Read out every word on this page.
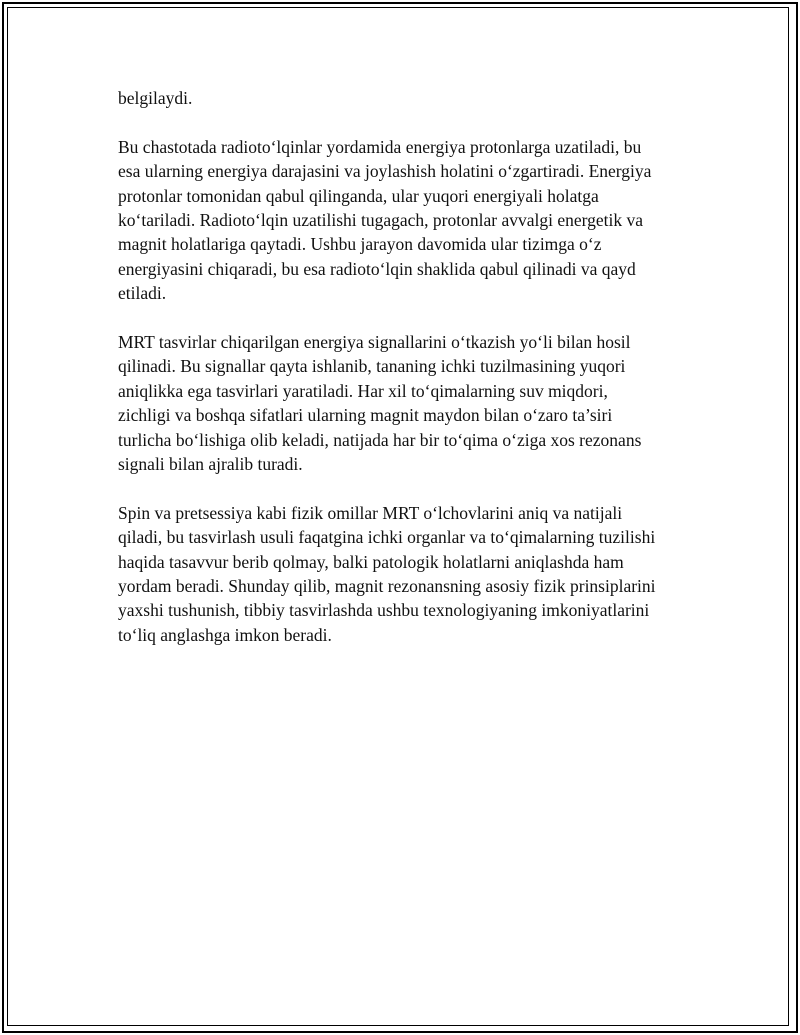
belgilaydi.

Bu chastotada radioto‘lqinlar yordamida energiya protonlarga uzatiladi, bu
esa ularning energiya darajasini va joylashish holatini o‘zgartiradi. Energiya
protonlar tomonidan qabul qilinganda, ular yuqori energiyali holatga
ko‘tariladi. Radioto‘lqin uzatilishi tugagach, protonlar avvalgi energetik va
magnit holatlariga qaytadi. Ushbu jarayon davomida ular tizimga o‘z
energiyasini chiqaradi, bu esa radioto‘lqin shaklida qabul qilinadi va qayd
etiladi.

MRT tasvirlar chiqarilgan energiya signallarini o‘tkazish yo‘li bilan hosil
qilinadi. Bu signallar qayta ishlanib, tananing ichki tuzilmasining yuqori
aniqlikka ega tasvirlari yaratiladi. Har xil to‘qimalarning suv miqdori,
zichligi va boshqa sifatlari ularning magnit maydon bilan o‘zaro ta’siri
turlicha bo‘lishiga olib keladi, natijada har bir to‘qima o‘ziga xos rezonans
signali bilan ajralib turadi.

Spin va pretsessiya kabi fizik omillar MRT o‘lchovlarini aniq va natijali
qiladi, bu tasvirlash usuli faqatgina ichki organlar va to‘qimalarning tuzilishi
haqida tasavvur berib qolmay, balki patologik holatlarni aniqlashda ham
yordam beradi. Shunday qilib, magnit rezonansning asosiy fizik prinsiplarini
yaxshi tushunish, tibbiy tasvirlashda ushbu texnologiyaning imkoniyatlarini
to‘liq anglashga imkon beradi.
